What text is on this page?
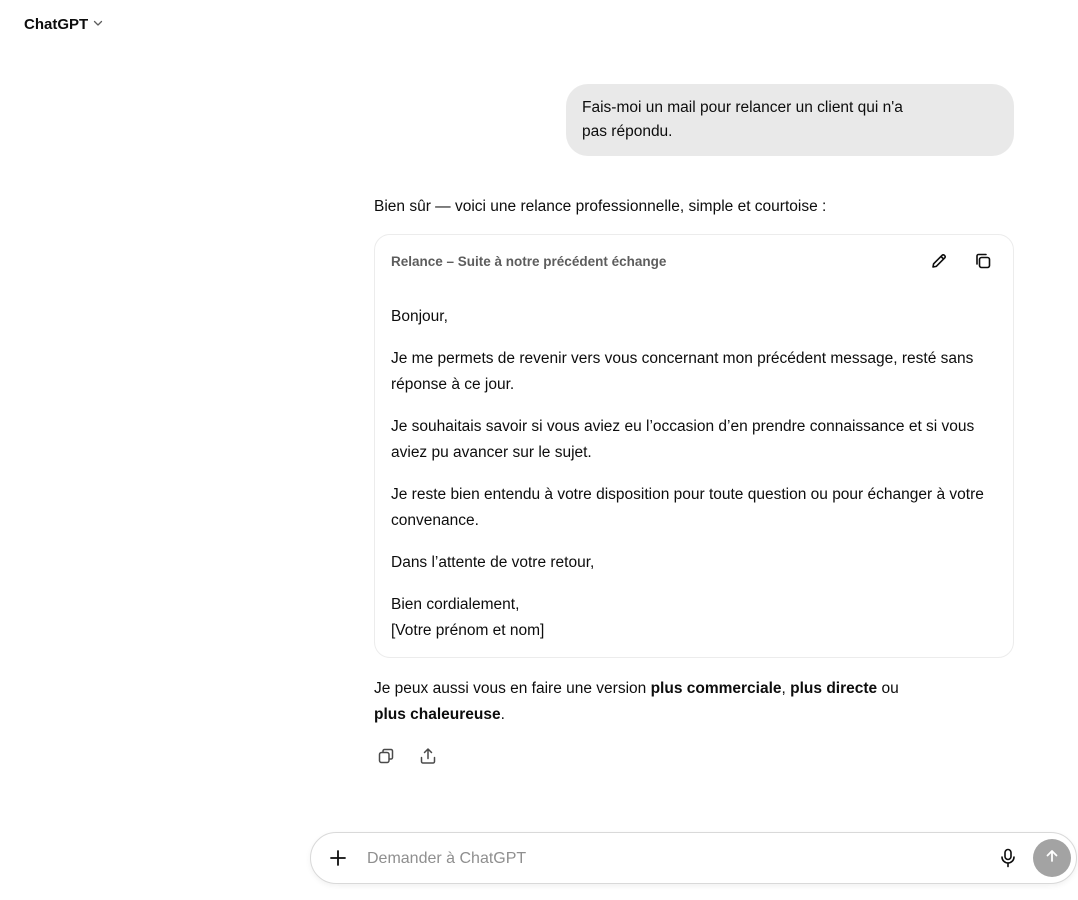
ChatGPT
Fais-moi un mail pour relancer un client qui n'a pas répondu.
Bien sûr — voici une relance professionnelle, simple et courtoise :
Relance – Suite à notre précédent échange

Bonjour,

Je me permets de revenir vers vous concernant mon précédent message, resté sans réponse à ce jour.

Je souhaitais savoir si vous aviez eu l’occasion d’en prendre connaissance et si vous aviez pu avancer sur le sujet.

Je reste bien entendu à votre disposition pour toute question ou pour échanger à votre convenance.

Dans l’attente de votre retour,

Bien cordialement,
[Votre prénom et nom]

Je peux aussi vous en faire une version plus commerciale, plus directe ou
plus chaleureuse.
Demander à ChatGPT
